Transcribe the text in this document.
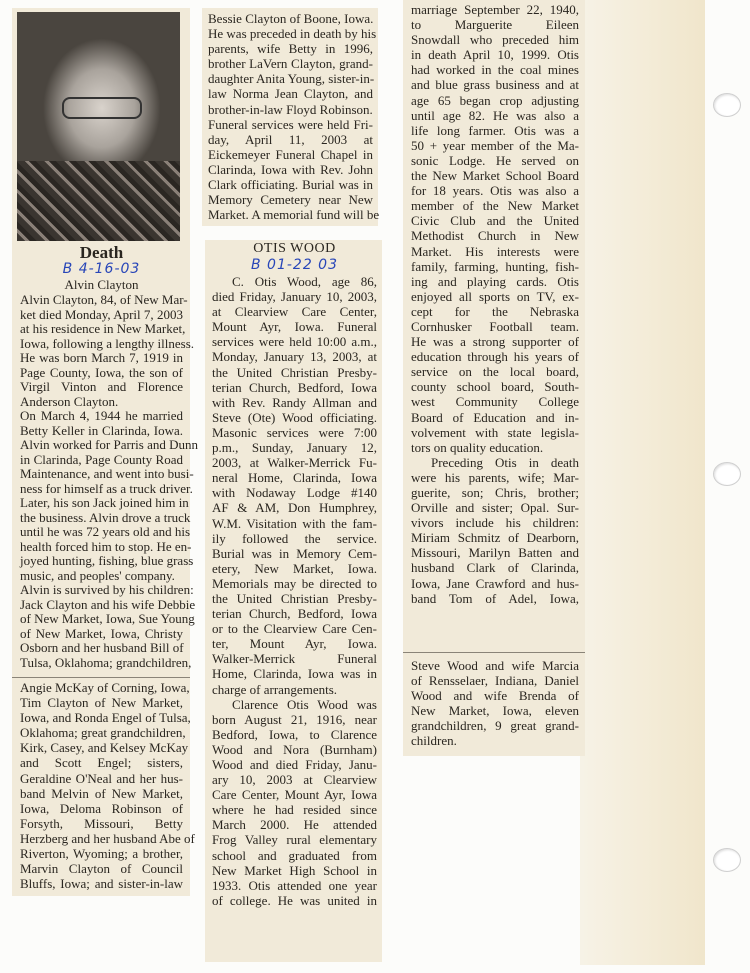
Death
B 4-16-03
Alvin Clayton
Alvin Clayton, 84, of New Mar-
ket died Monday, April 7, 2003
at his residence in New Market,
Iowa, following a lengthy illness.
He was born March 7, 1919 in
Page County, Iowa, the son of
Virgil Vinton and Florence
Anderson Clayton.
On March 4, 1944 he married
Betty Keller in Clarinda, Iowa.
Alvin worked for Parris and Dunn
in Clarinda, Page County Road
Maintenance, and went into busi-
ness for himself as a truck driver.
Later, his son Jack joined him in
the business. Alvin drove a truck
until he was 72 years old and his
health forced him to stop. He en-
joyed hunting, fishing, blue grass
music, and peoples' company.
Alvin is survived by his children:
Jack Clayton and his wife Debbie
of New Market, Iowa, Sue Young
of New Market, Iowa, Christy
Osborn and her husband Bill of
Tulsa, Oklahoma; grandchildren,
Angie McKay of Corning, Iowa,
Tim Clayton of New Market,
Iowa, and Ronda Engel of Tulsa,
Oklahoma; great grandchildren,
Kirk, Casey, and Kelsey McKay
and Scott Engel; sisters,
Geraldine O'Neal and her hus-
band Melvin of New Market,
Iowa, Deloma Robinson of
Forsyth, Missouri, Betty
Herzberg and her husband Abe of
Riverton, Wyoming; a brother,
Marvin Clayton of Council
Bluffs, Iowa; and sister-in-law
Bessie Clayton of Boone, Iowa.
He was preceded in death by his
parents, wife Betty in 1996,
brother LaVern Clayton, grand-
daughter Anita Young, sister-in-
law Norma Jean Clayton, and
brother-in-law Floyd Robinson.
Funeral services were held Fri-
day, April 11, 2003 at
Eickemeyer Funeral Chapel in
Clarinda, Iowa with Rev. John
Clark officiating. Burial was in
Memory Cemetery near New
Market. A memorial fund will be
OTIS WOOD
B 01-22 03
C. Otis Wood, age 86,
died Friday, January 10, 2003,
at Clearview Care Center,
Mount Ayr, Iowa. Funeral
services were held 10:00 a.m.,
Monday, January 13, 2003, at
the United Christian Presby-
terian Church, Bedford, Iowa
with Rev. Randy Allman and
Steve (Ote) Wood officiating.
Masonic services were 7:00
p.m., Sunday, January 12,
2003, at Walker-Merrick Fu-
neral Home, Clarinda, Iowa
with Nodaway Lodge #140
AF & AM, Don Humphrey,
W.M. Visitation with the fam-
ily followed the service.
Burial was in Memory Cem-
etery, New Market, Iowa.
Memorials may be directed to
the United Christian Presby-
terian Church, Bedford, Iowa
or to the Clearview Care Cen-
ter, Mount Ayr, Iowa.
Walker-Merrick Funeral
Home, Clarinda, Iowa was in
charge of arrangements.
Clarence Otis Wood was
born August 21, 1916, near
Bedford, Iowa, to Clarence
Wood and Nora (Burnham)
Wood and died Friday, Janu-
ary 10, 2003 at Clearview
Care Center, Mount Ayr, Iowa
where he had resided since
March 2000. He attended
Frog Valley rural elementary
school and graduated from
New Market High School in
1933. Otis attended one year
of college. He was united in
marriage September 22, 1940,
to Marguerite Eileen
Snowdall who preceded him
in death April 10, 1999. Otis
had worked in the coal mines
and blue grass business and at
age 65 began crop adjusting
until age 82. He was also a
life long farmer. Otis was a
50 + year member of the Ma-
sonic Lodge. He served on
the New Market School Board
for 18 years. Otis was also a
member of the New Market
Civic Club and the United
Methodist Church in New
Market. His interests were
family, farming, hunting, fish-
ing and playing cards. Otis
enjoyed all sports on TV, ex-
cept for the Nebraska
Cornhusker Football team.
He was a strong supporter of
education through his years of
service on the local board,
county school board, South-
west Community College
Board of Education and in-
volvement with state legisla-
tors on quality education.
Preceding Otis in death
were his parents, wife; Mar-
guerite, son; Chris, brother;
Orville and sister; Opal. Sur-
vivors include his children:
Miriam Schmitz of Dearborn,
Missouri, Marilyn Batten and
husband Clark of Clarinda,
Iowa, Jane Crawford and hus-
band Tom of Adel, Iowa,
Steve Wood and wife Marcia
of Rensselaer, Indiana, Daniel
Wood and wife Brenda of
New Market, Iowa, eleven
grandchildren, 9 great grand-
children.
